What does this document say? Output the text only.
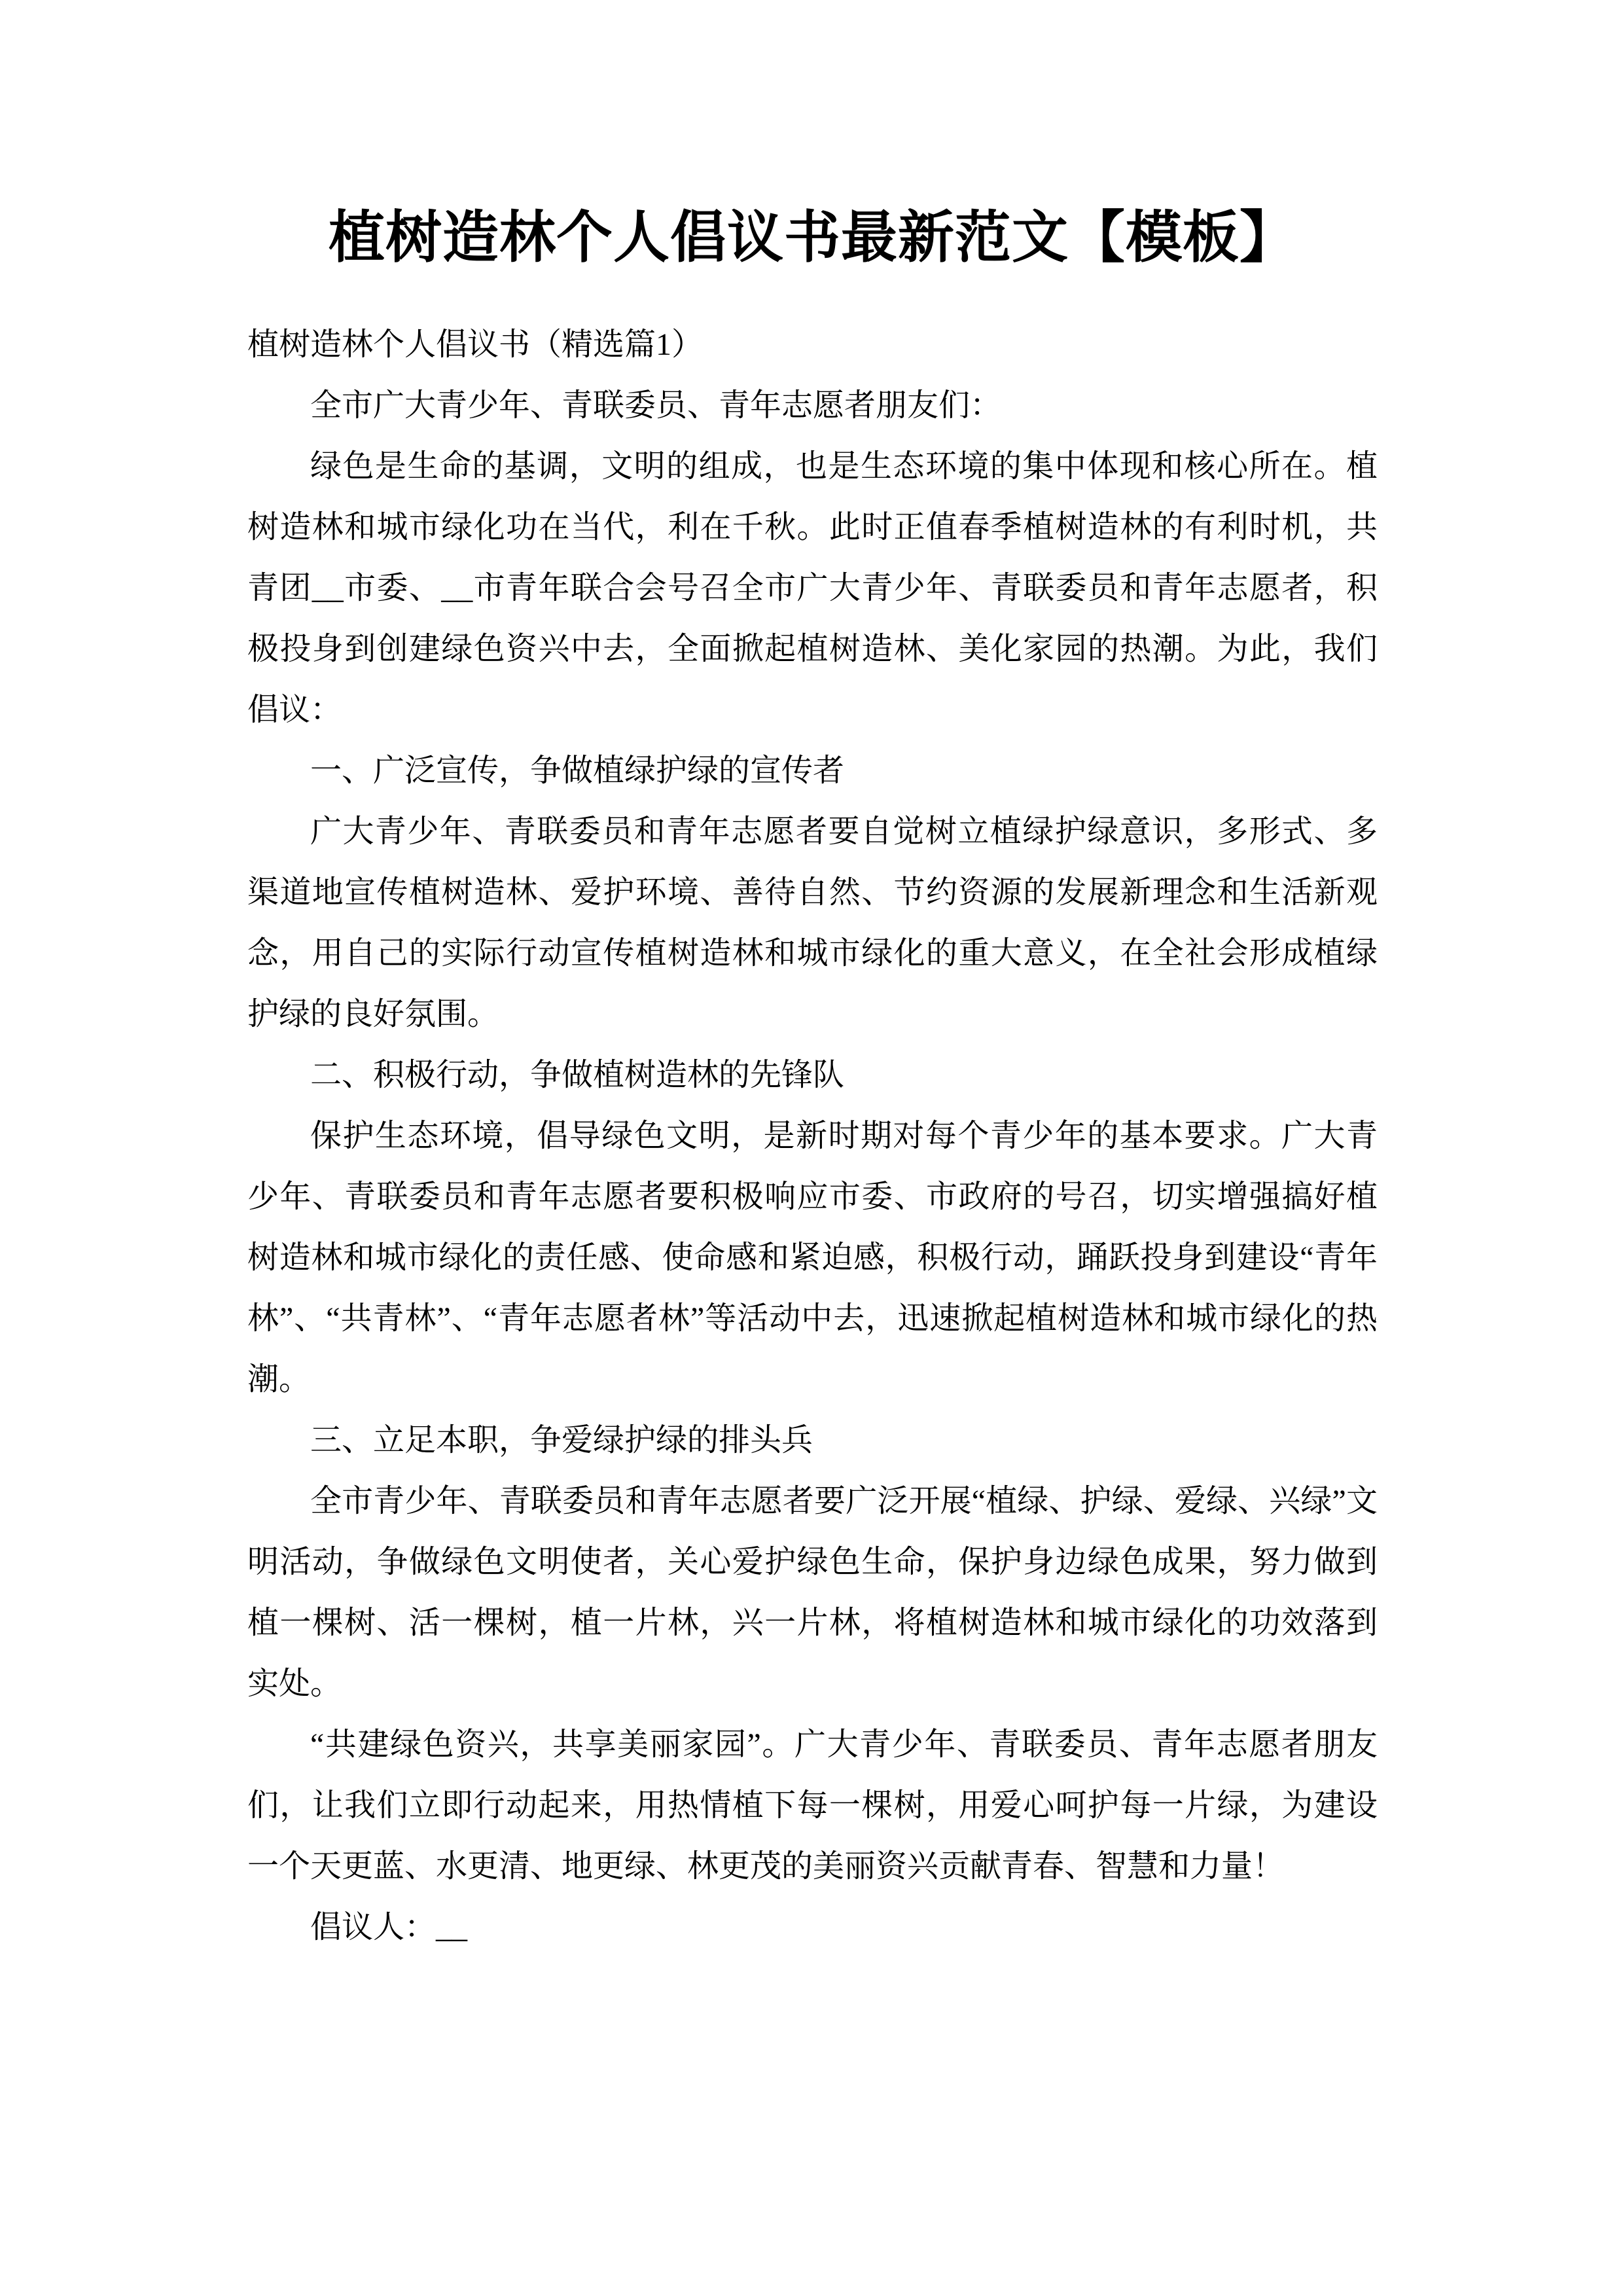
植树造林个人倡议书最新范文【模板】

植树造林个人倡议书（精选篇1）

全市广大青少年、青联委员、青年志愿者朋友们：

绿色是生命的基调，文明的组成，也是生态环境的集中体现和核心所在。植树造林和城市绿化功在当代，利在千秋。此时正值春季植树造林的有利时机，共青团__市委、__市青年联合会号召全市广大青少年、青联委员和青年志愿者，积极投身到创建绿色资兴中去，全面掀起植树造林、美化家园的热潮。为此，我们倡议：

一、广泛宣传，争做植绿护绿的宣传者

广大青少年、青联委员和青年志愿者要自觉树立植绿护绿意识，多形式、多渠道地宣传植树造林、爱护环境、善待自然、节约资源的发展新理念和生活新观念，用自己的实际行动宣传植树造林和城市绿化的重大意义，在全社会形成植绿护绿的良好氛围。

二、积极行动，争做植树造林的先锋队

保护生态环境，倡导绿色文明，是新时期对每个青少年的基本要求。广大青少年、青联委员和青年志愿者要积极响应市委、市政府的号召，切实增强搞好植树造林和城市绿化的责任感、使命感和紧迫感，积极行动，踊跃投身到建设“青年林”、“共青林”、“青年志愿者林”等活动中去，迅速掀起植树造林和城市绿化的热潮。

三、立足本职，争爱绿护绿的排头兵

全市青少年、青联委员和青年志愿者要广泛开展“植绿、护绿、爱绿、兴绿”文明活动，争做绿色文明使者，关心爱护绿色生命，保护身边绿色成果，努力做到植一棵树、活一棵树，植一片林，兴一片林，将植树造林和城市绿化的功效落到实处。

“共建绿色资兴，共享美丽家园”。广大青少年、青联委员、青年志愿者朋友们，让我们立即行动起来，用热情植下每一棵树，用爱心呵护每一片绿，为建设一个天更蓝、水更清、地更绿、林更茂的美丽资兴贡献青春、智慧和力量！

倡议人：__
